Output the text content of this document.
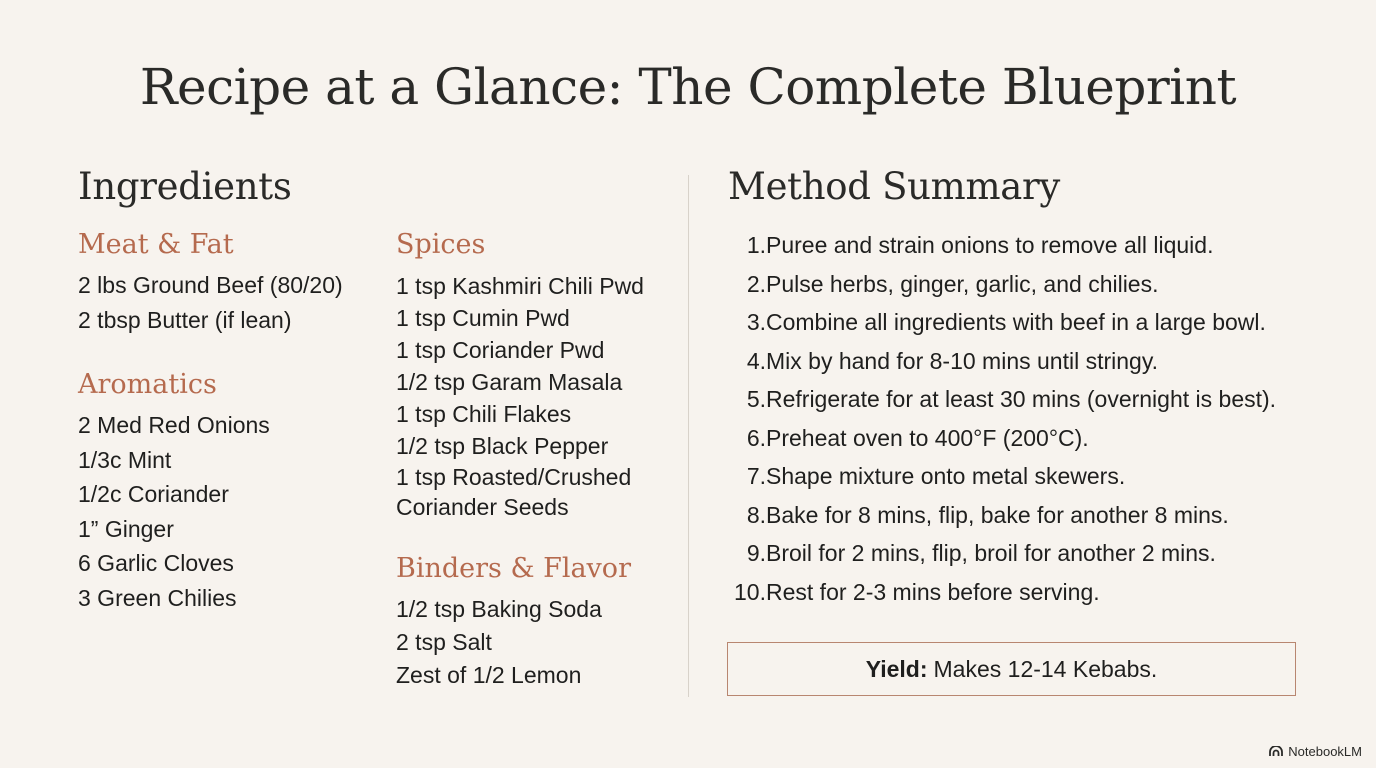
Recipe at a Glance: The Complete Blueprint
Ingredients
Meat & Fat
2 lbs Ground Beef (80/20)
2 tbsp Butter (if lean)
Aromatics
2 Med Red Onions
1/3c Mint
1/2c Coriander
1” Ginger
6 Garlic Cloves
3 Green Chilies
Spices
1 tsp Kashmiri Chili Pwd
1 tsp Cumin Pwd
1 tsp Coriander Pwd
1/2 tsp Garam Masala
1 tsp Chili Flakes
1/2 tsp Black Pepper
1 tsp Roasted/Crushed Coriander Seeds
Binders & Flavor
1/2 tsp Baking Soda
2 tsp Salt
Zest of 1/2 Lemon
Method Summary
1. Puree and strain onions to remove all liquid.
2. Pulse herbs, ginger, garlic, and chilies.
3. Combine all ingredients with beef in a large bowl.
4. Mix by hand for 8-10 mins until stringy.
5. Refrigerate for at least 30 mins (overnight is best).
6. Preheat oven to 400°F (200°C).
7. Shape mixture onto metal skewers.
8. Bake for 8 mins, flip, bake for another 8 mins.
9. Broil for 2 mins, flip, broil for another 2 mins.
10. Rest for 2-3 mins before serving.
Yield: Makes 12-14 Kebabs.
NotebookLM
